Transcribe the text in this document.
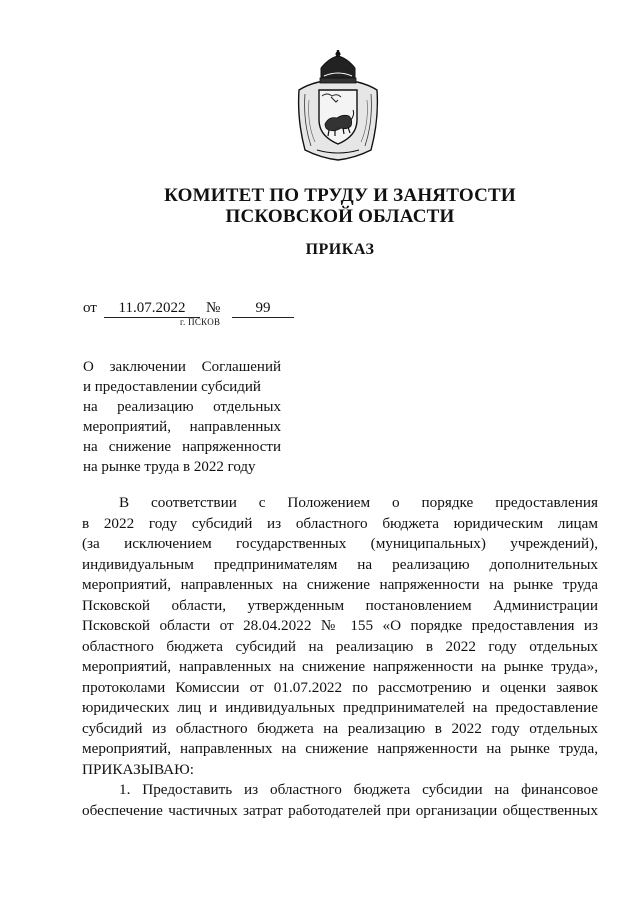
КОМИТЕТ ПО ТРУДУ И ЗАНЯТОСТИ
ПСКОВСКОЙ ОБЛАСТИ
ПРИКАЗ
от	11.07.2022	№	99
г. ПСКОВ
О заключении Соглашений
и предоставлении субсидий
на реализацию отдельных
мероприятий, направленных
на снижение напряженности
на рынке труда в 2022 году
В соответствии с Положением о порядке предоставления
в 2022 году субсидий из областного бюджета юридическим лицам
(за исключением государственных (муниципальных) учреждений),
индивидуальным предпринимателям на реализацию дополнительных
мероприятий, направленных на снижение напряженности на рынке труда
Псковской области, утвержденным постановлением Администрации
Псковской области от 28.04.2022 № 155 «О порядке предоставления из
областного бюджета субсидий на реализацию в 2022 году отдельных
мероприятий, направленных на снижение напряженности на рынке труда»,
протоколами Комиссии от 01.07.2022 по рассмотрению и оценки заявок
юридических лиц и индивидуальных предпринимателей на предоставление
субсидий из областного бюджета на реализацию в 2022 году отдельных
мероприятий, направленных на снижение напряженности на рынке труда,
ПРИКАЗЫВАЮ:
1. Предоставить из областного бюджета субсидии на финансовое
обеспечение частичных затрат работодателей при организации общественных
